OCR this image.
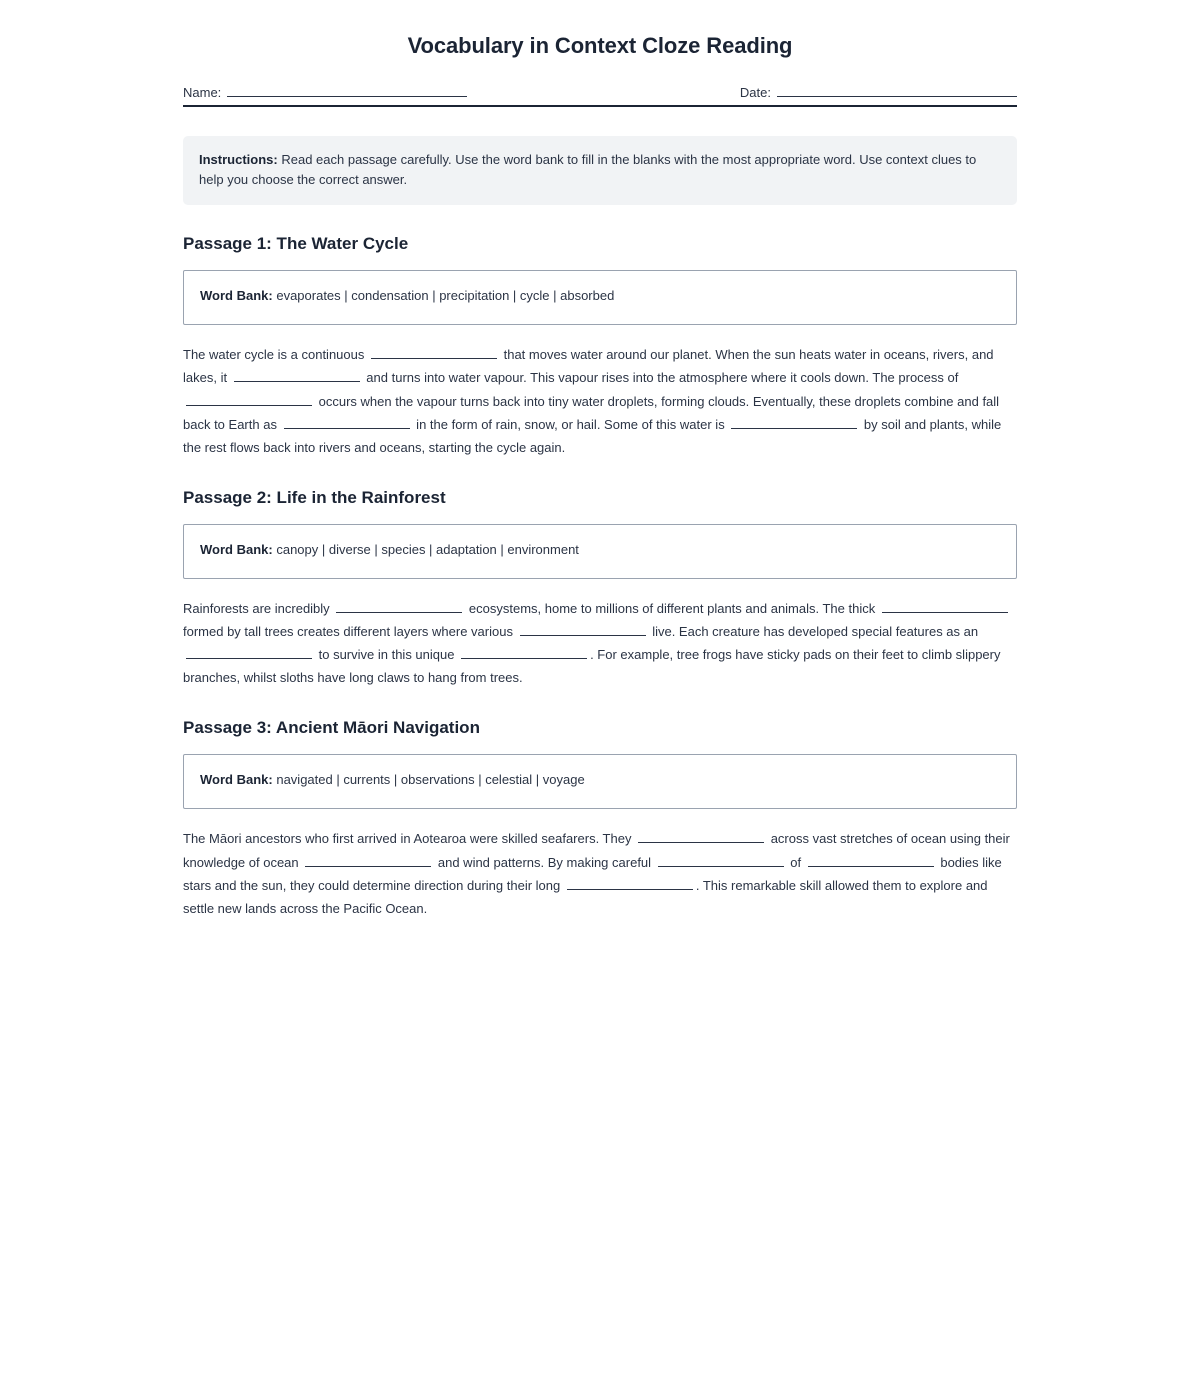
Vocabulary in Context Cloze Reading
Name:	Date:
Instructions: Read each passage carefully. Use the word bank to fill in the blanks with the most appropriate word. Use context clues to help you choose the correct answer.
Passage 1: The Water Cycle
Word Bank: evaporates | condensation | precipitation | cycle | absorbed

The water cycle is a continuous	that moves water around our planet. When the sun heats water in oceans, rivers, and lakes, it	and turns into water vapour. This vapour rises into the atmosphere where it cools down. The process of  occurs when the vapour turns back into tiny water droplets, forming clouds. Eventually, these droplets combine and fall back to Earth as	in the form of rain, snow, or hail. Some of this water is	by soil and plants, while the rest flows back into rivers and oceans, starting the cycle again.

Passage 2: Life in the Rainforest
Word Bank: canopy | diverse | species | adaptation | environment

Rainforests are incredibly	ecosystems, home to millions of different plants and animals. The thick  formed by tall trees creates different layers where various	live. Each creature has developed special features as an  to survive in this unique	. For example, tree frogs have sticky pads on their feet to climb slippery branches, whilst sloths have long claws to hang from trees.

Passage 3: Ancient Māori Navigation
Word Bank: navigated | currents | observations | celestial | voyage

The Māori ancestors who first arrived in Aotearoa were skilled seafarers. They	across vast stretches of ocean using their knowledge of ocean	and wind patterns. By making careful	of	bodies like stars and the sun, they could determine direction during their long	. This remarkable skill allowed them to explore and settle new lands across the Pacific Ocean.
